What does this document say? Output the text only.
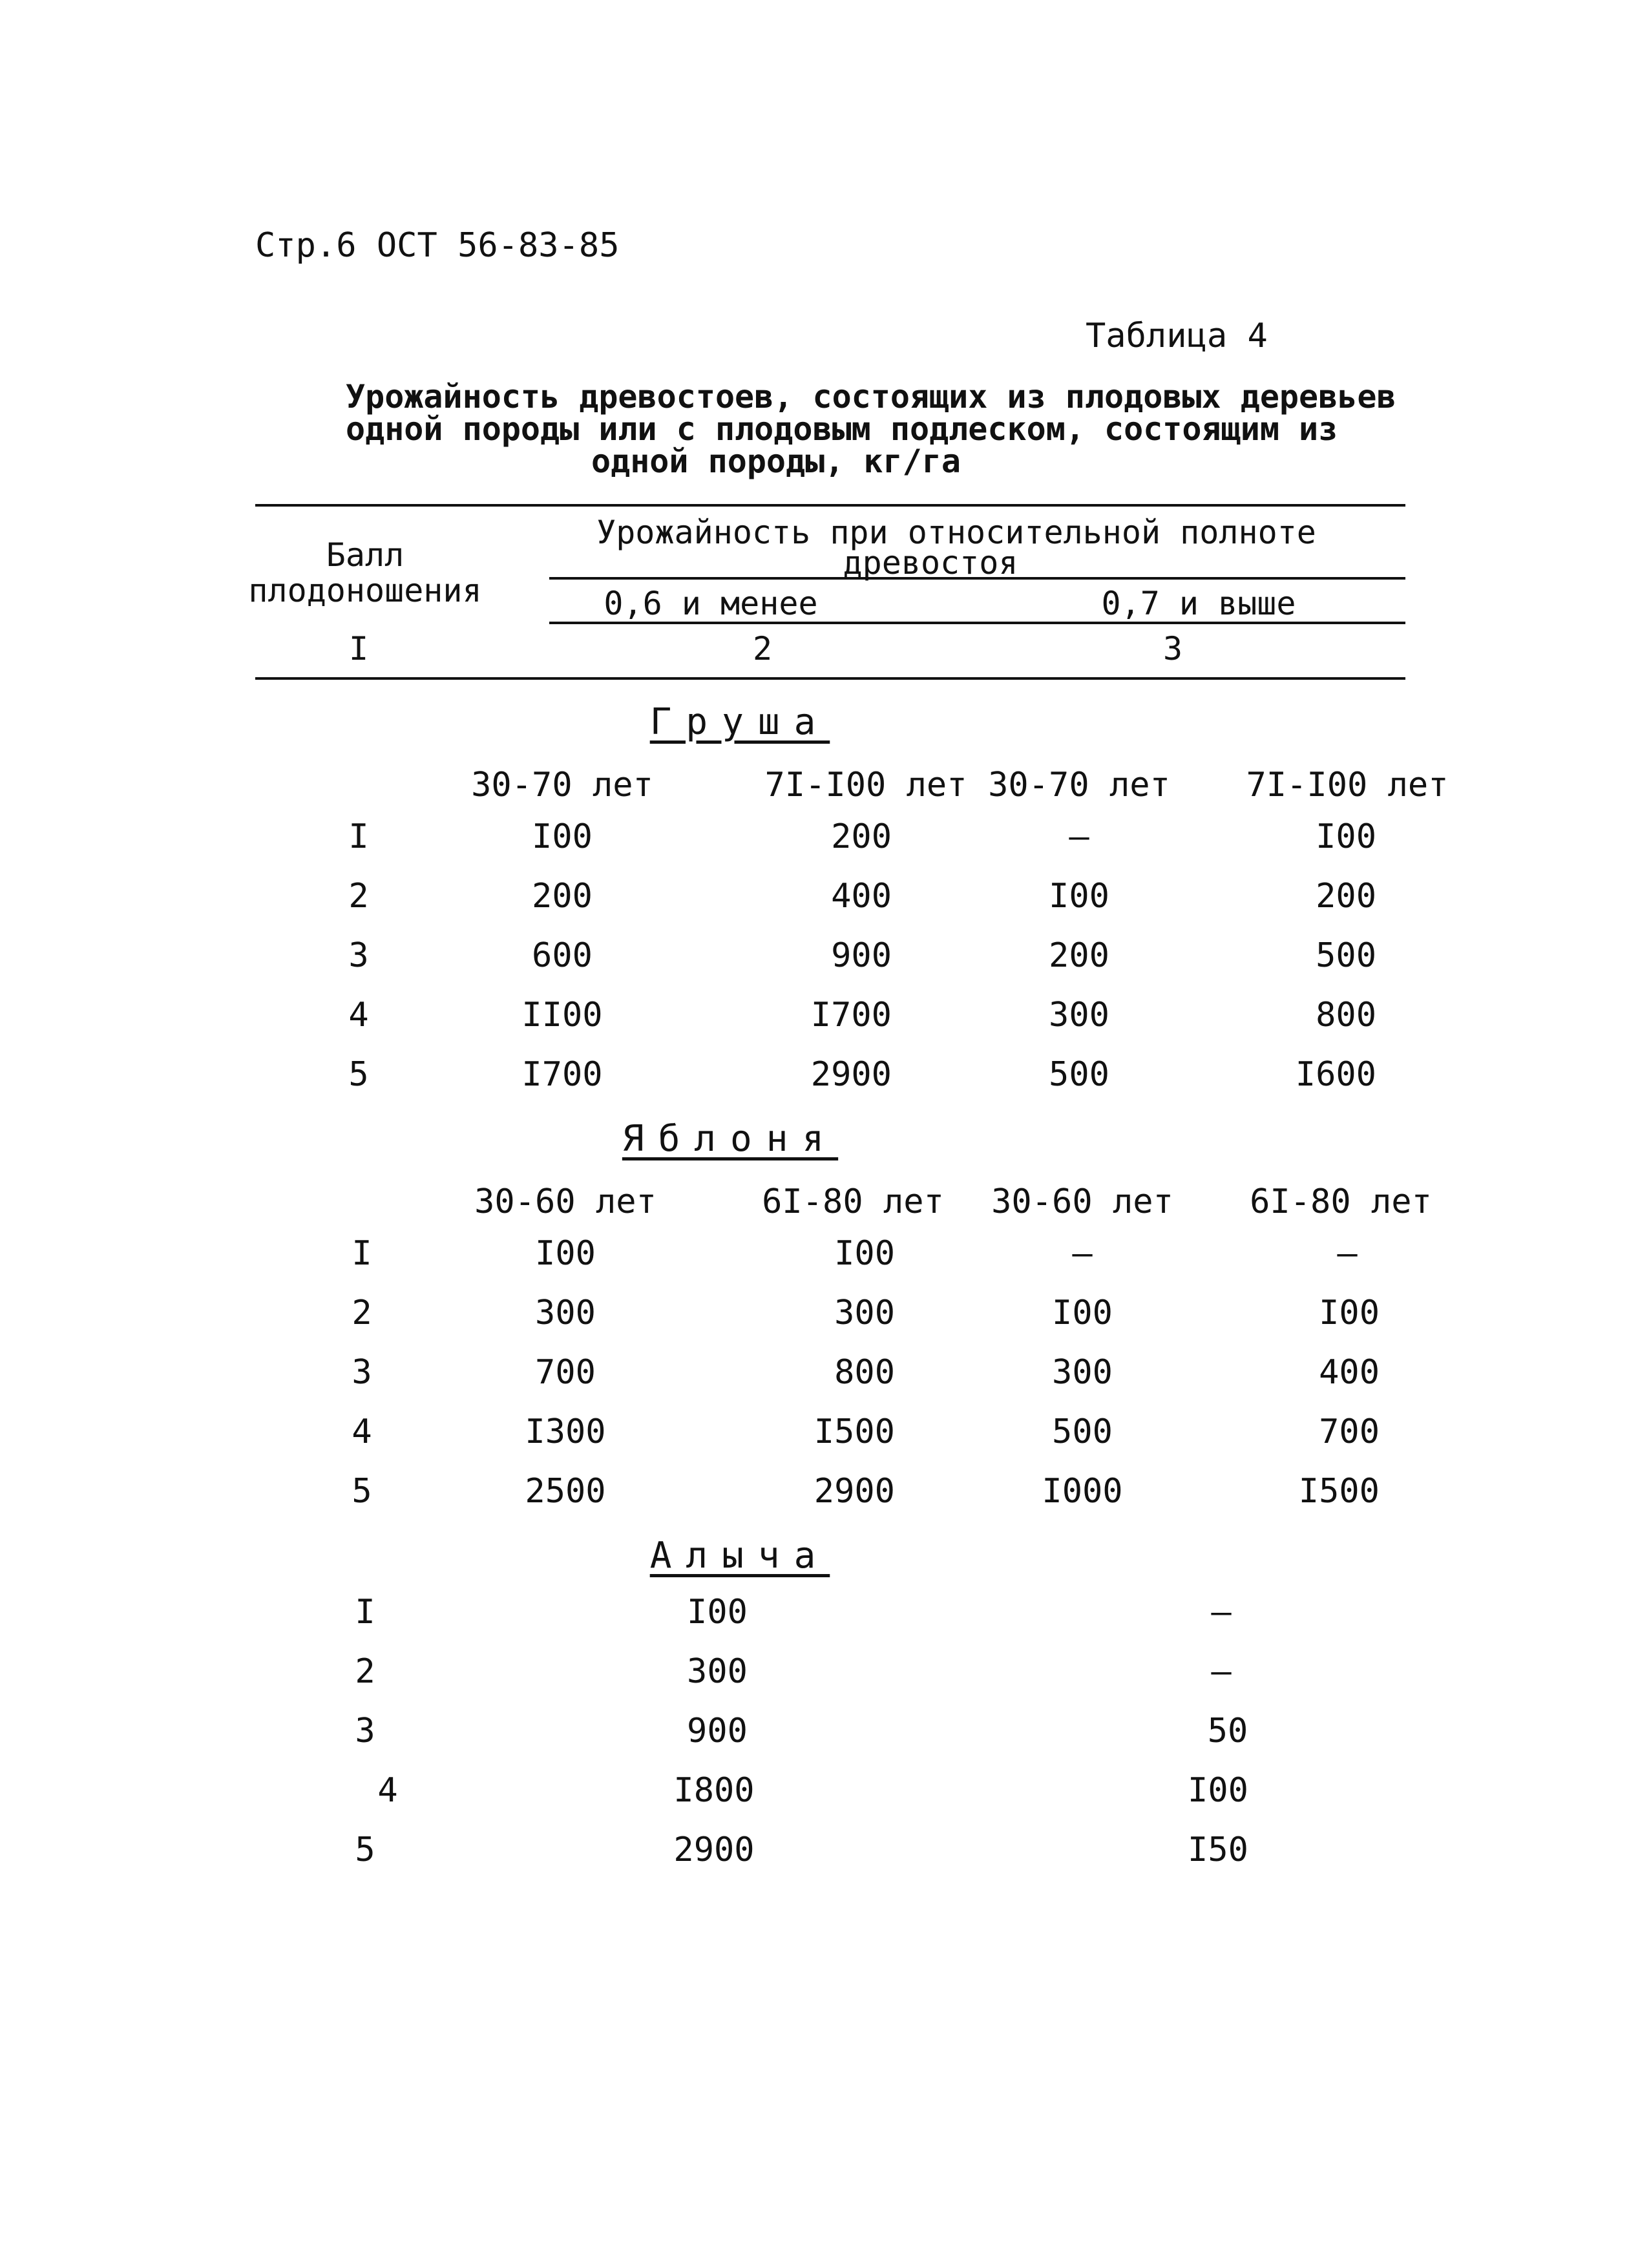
Стр.6 ОСТ 56-83-85
Таблица 4
Урожайность древостоев, состоящих из плодовых деревьев
одной породы или с плодовым подлеском, состоящим из
одной породы, кг/га
Балл
плодоношения
Урожайность при относительной полноте
древостоя
0,6 и менее	0,7 и выше
I	2	3
Груша
30-70 лет	7I-I00 лет 30-70 лет 7I-I00 лет
I	I00	200	–	I00
2	200	400	I00	200
3	600	900	200	500
4	II00	I700	300	800
5	I700	2900	500	I600
Яблоня
30-60 лет	6I-80 лет 30-60 лет 6I-80 лет
I	I00	I00	–	–
2	300	300	I00	I00
3	700	800	300	400
4	I300	I500	500	700
5	2500	2900	I000	I500
Алыча
I	I00	–
2	300	–
3	900	50
4	I800	I00
5	2900	I50
